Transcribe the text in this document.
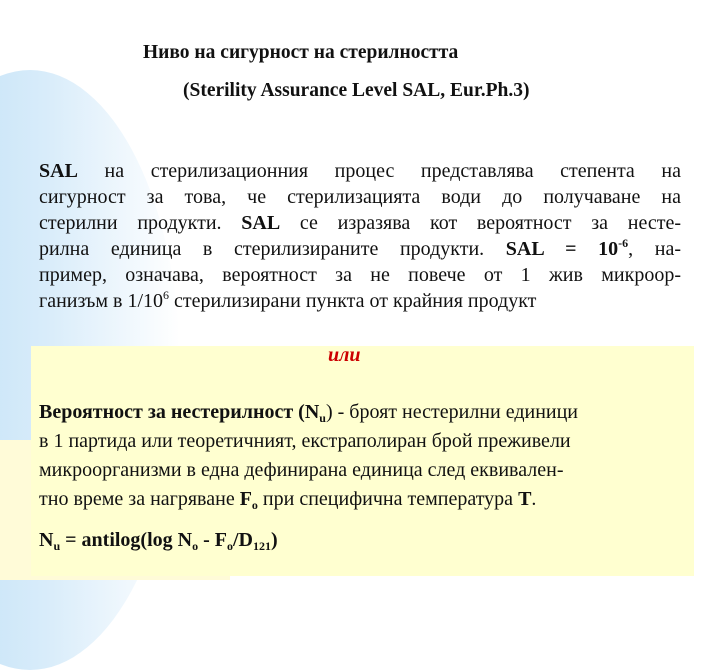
Ниво на сигурност на стерилността
(Sterility Assurance Level SAL, Eur.Ph.3)
SAL на стерилизационния процес представлява степента на
сигурност за това, че стерилизацията води до получаване на
стерилни продукти. SAL се изразява кот вероятност за несте-
рилна единица в стерилизираните продукти. SAL = $10^{-6}$, на-
пример, означава, вероятност за не повече от 1 жив микроор-
ганизъм в $1/10^6$ стерилизирани пункта от крайния продукт
или
Вероятност за нестерилност $(N_u)$ - броят нестерилни единици
в 1 партида или теоретичният, екстраполиран брой преживели
микроорганизми в една дефинирана единица след еквивален-
тно време за нагряване $F_o$ при специфична температура T.
$N_u$ = antilog(log $N_o - F_o/D_{121}$)
